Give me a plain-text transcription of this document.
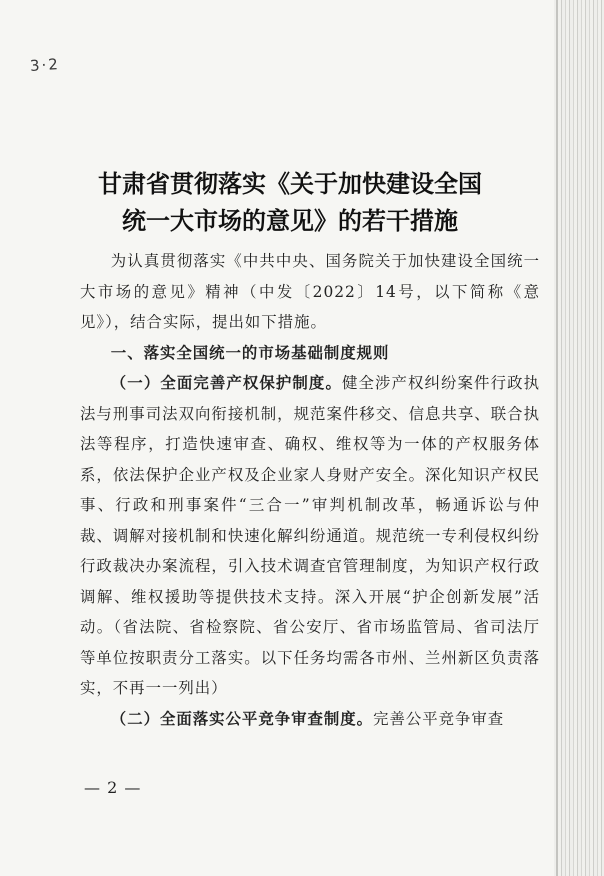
3·2
甘肃省贯彻落实《关于加快建设全国
统一大市场的意见》的若干措施

为认真贯彻落实《中共中央、国务院关于加快建设全国统一大市场的意见》精神（中发〔2022〕14号，以下简称《意见》），结合实际，提出如下措施。

一、落实全国统一的市场基础制度规则

（一）全面完善产权保护制度。健全涉产权纠纷案件行政执法与刑事司法双向衔接机制，规范案件移交、信息共享、联合执法等程序，打造快速审查、确权、维权等为一体的产权服务体系，依法保护企业产权及企业家人身财产安全。深化知识产权民事、行政和刑事案件“三合一”审判机制改革，畅通诉讼与仲裁、调解对接机制和快速化解纠纷通道。规范统一专利侵权纠纷行政裁决办案流程，引入技术调查官管理制度，为知识产权行政调解、维权援助等提供技术支持。深入开展“护企创新发展”活动。（省法院、省检察院、省公安厅、省市场监管局、省司法厅等单位按职责分工落实。以下任务均需各市州、兰州新区负责落实，不再一一列出）

（二）全面落实公平竞争审查制度。完善公平竞争审查

— 2 —
